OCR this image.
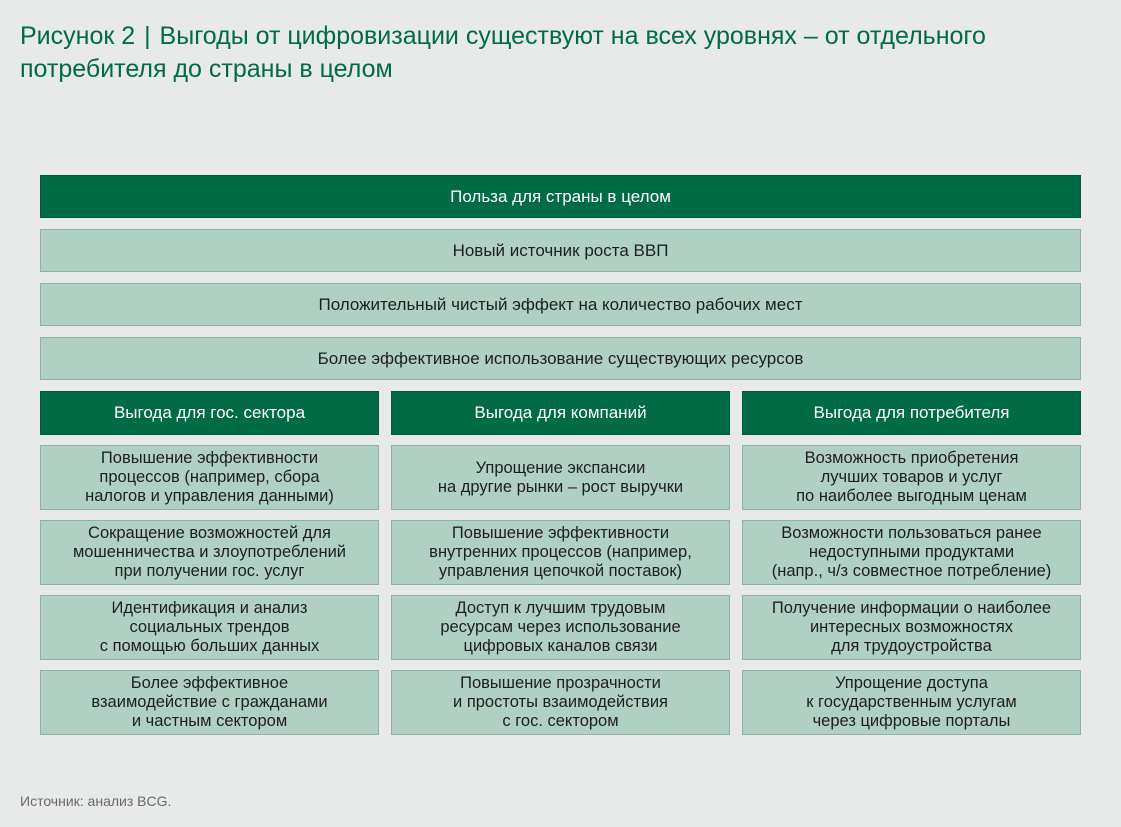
Рисунок 2 | Выгоды от цифровизации существуют на всех уровнях – от отдельного потребителя до страны в целом
Польза для страны в целом
Новый источник роста ВВП
Положительный чистый эффект на количество рабочих мест
Более эффективное использование существующих ресурсов
Выгода для гос. сектора
Повышение эффективности
процессов (например, сбора
налогов и управления данными)
Сокращение возможностей для
мошенничества и злоупотреблений
при получении гос. услуг
Идентификация и анализ
социальных трендов
с помощью больших данных
Более эффективное
взаимодействие с гражданами
и частным сектором
Выгода для компаний
Упрощение экспансии
на другие рынки – рост выручки
Повышение эффективности
внутренних процессов (например,
управления цепочкой поставок)
Доступ к лучшим трудовым
ресурсам через использование
цифровых каналов связи
Повышение прозрачности
и простоты взаимодействия
с гос. сектором
Выгода для потребителя
Возможность приобретения
лучших товаров и услуг
по наиболее выгодным ценам
Возможности пользоваться ранее
недоступными продуктами
(напр., ч/з совместное потребление)
Получение информации о наиболее
интересных возможностях
для трудоустройства
Упрощение доступа
к государственным услугам
через цифровые порталы
Источник: анализ BCG.
